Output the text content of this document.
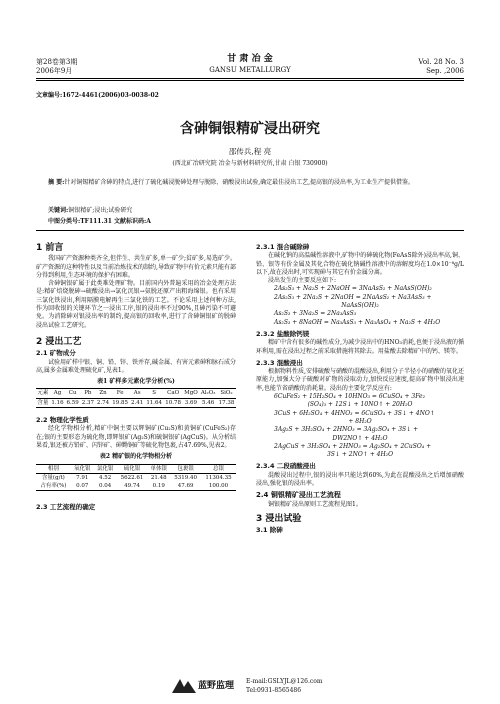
第28卷第3期
2006年9月
甘 肃 冶 金
GANSU METALLURGY
Vol. 28 No. 3
Sep. ,2006
文章编号:1672-4461(2006)03-0038-02
含砷铜银精矿浸出研究
邵传兵,程 亮
(西北矿冶研究院 冶金与新材料研究所,甘肃 白银 730900)
摘 要:针对铜锡精矿含砷的特点,进行了硫化碱浸脱砷处理与脱除、硝酸浸出试验,确定最佳浸出工艺,提高银的浸出率,为工业生产提供借鉴。
关键词:铜银精矿;浸出;试验研究
中图分类号:TF111.31 文献标识码:A
1 前言

我国矿产资源种类齐全,但伴生、共生矿多,单一矿少;贫矿多,易选矿少。矿产资源的这种特性以及当前冶炼技术的制约,导致矿物中有价元素只能有部分得到利用,生态环境的保护有困难。

含砷铜银矿属于此类难处理矿物。目前国内外普遍采用的冶金处理方法是:精矿焙烧脱砷→硫酸浸出→氯化沉银→氨脱还原产出粗海绵银。也有采用三氯化铁浸出,利用隔膜电解再生三氯化铁的工艺。不论采用上述何种方法,作为回收银的关键环节之一浸出工序,银的浸出率不过90%,且砷污染不可避免。为消除砷对银浸出率的制约,提高银的回收率,进行了含砷铜银矿的脱砷浸出试验工艺研究。

2 浸出工艺
2.1 矿物成分

试验用矿样中银、铜、铅、锌、铁并存,碱金属、有害元素砷和脉石成分高,属多金属难处理硫化矿,见表1。

表1 矿样多元素化学分析(%)
元素	Ag	Cu	Pb	Zn	Fe	As	S	CaO	MgO	Al₂O₃	SiO₂
含量	1.16	6.59	2.37	2.74	19.85	2.41	11.64	10.78	3.69	5.46	17.38
2.2 物理化学性质

经化学物相分析,精矿中铜主要以辉铜矿(Cu₂S)和黄铜矿(CuFeS₂)存在;银的主要形态为硫化物,即辉银矿(Ag₂S)和硫铜银矿(AgCuS)。从分析结果看,银还被方铅矿、闪锌矿、砷黝铜矿等硫化物包裹,占47.69%,见表2。

表2 精矿银的化学物相分析
相别	氧化银	氯化银	硫化银	单体银	包裹银	总银
含量(g/t)	7.91	4.52	5622.61	21.48	5319.40	11304.35
占有率(%)	0.07	0.04	49.74	0.19	47.69	100.00
2.3 工艺流程的确定
2.3.1 混合碱除砷

在碱化钠的高温碱性溶液中,矿物中的砷硫化物(FeAsS除外)浸出率高,铜、铅、银等有价金属及其化合物在硫化钠碱性溶液中的溶解度均在1.0×10⁻⁸g/L以下,故在浸出时,可实现砷与其它有价金属分离。

浸出发生的主要反应如下:

2As₂S₃ + Na₂S + 2NaOH = 3NaAsS₂ + NaAsS(OH)₂
2As₂S₃ + 2Na₂S + 2NaOH = 2NaAsS₂ + Na3AsS₃ +
NaAsS(OH)₂
As₂S₃ + 3Na₂S = 2Na₃AsS₃
As₂S₃ + 8NaOH = Na₃AsS₃ + Na₃AsO₄ + Na₂S + 4H₂O
2.3.2 盐酸除钙镁

精矿中含有很多的碱性成分,为减少浸出中的HNO₃消耗,也便于浸出液的循环利用,需在浸出过程之前采取措施将其除去。用盐酸去除精矿中的钙、镁等。

2.3.3 混酸浸出

根据物料性质,安排硫酸与硝酸的混酸浸出,利用分子半径小的硝酸的氧化还原能力,加强大分子硫酸对矿物的浸取动力,加快反应速度,提高矿物中银浸出速率,也能节省硝酸的消耗量。浸出的主要化学反应有:

6CuFeS₂ + 15H₂SO₄ + 10HNO₃ = 6CuSO₄ + 3Fe₂
(SO₄)₃ + 12S↓ + 10NO↑ + 20H₂O
3CuS + 6H₂SO₄ + 4HNO₃ = 6CuSO₄ + 3S↓ + 4NO↑
+ 8H₂O
3Ag₂S + 3H₂SO₄ + 2HNO₃ = 3Ag₂SO₄ + 3S↓ +
DW2NO↑ + 4H₂O
2AgCuS + 3H₂SO₄ + 2HNO₃ = Ag₂SO₄ + 2CuSO₄ +
3S↓ + 2NO↑ + 4H₂O
2.3.4 二段硝酸浸出

混酸浸出过程中,银的浸出率只能达到60%,为此在混酸浸出之后增加硝酸浸出,强化银的浸出率。

2.4 铜银精矿浸出工艺流程

铜银精矿浸出原则工艺流程见图1。

3 浸出试验
3.1 除砷
蓝野监理 E-mail:GSLYJL@126.com
Tel:0931-8565486
